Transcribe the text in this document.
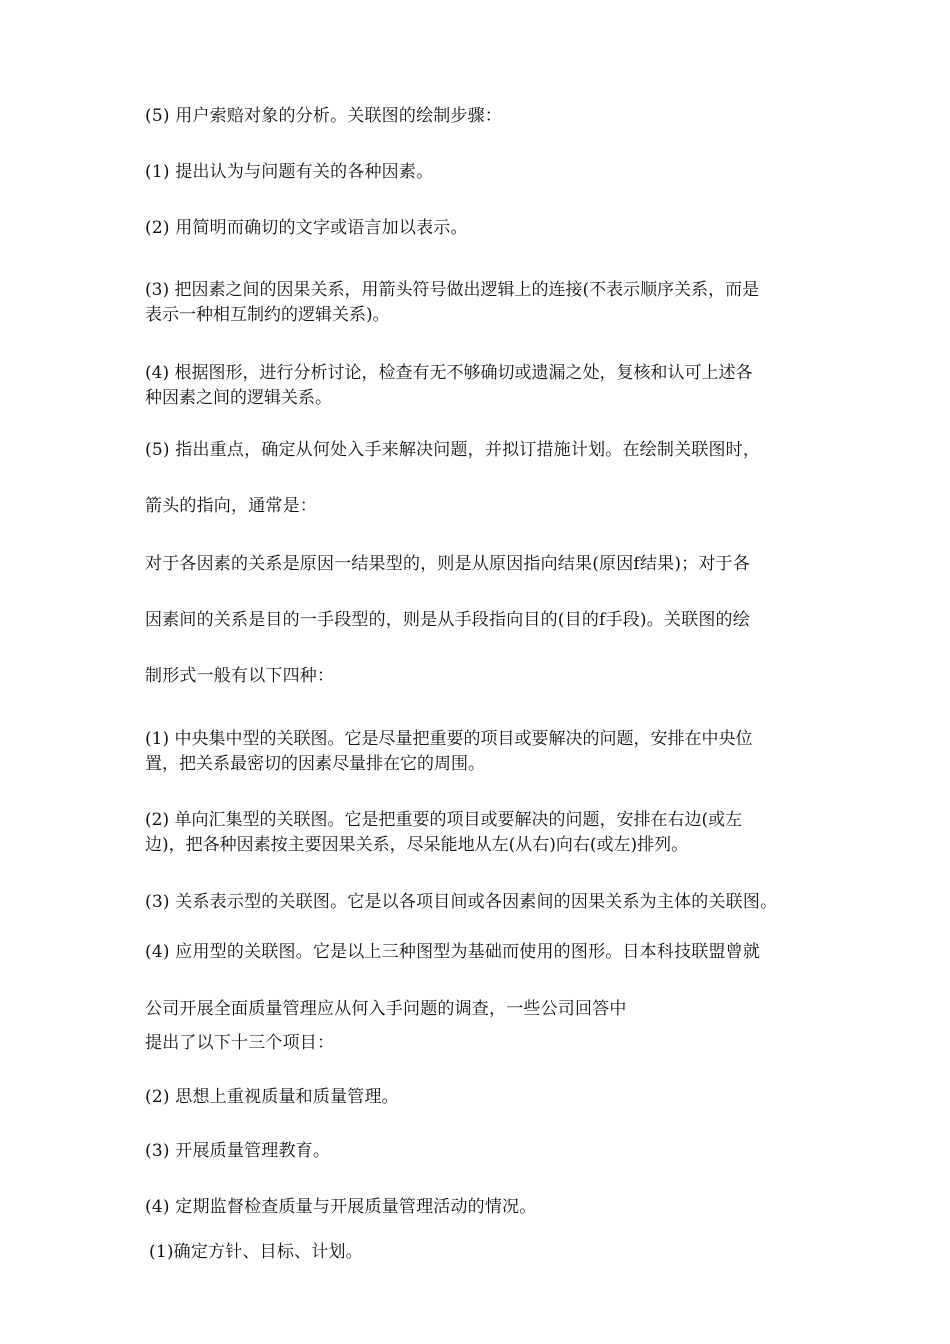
(5) 用户索赔对象的分析。关联图的绘制步骤：
(1) 提出认为与问题有关的各种因素。
(2) 用简明而确切的文字或语言加以表示。
(3) 把因素之间的因果关系，用箭头符号做出逻辑上的连接(不表示顺序关系，而是
表示一种相互制约的逻辑关系)。
(4) 根据图形，进行分析讨论，检查有无不够确切或遗漏之处，复核和认可上述各
种因素之间的逻辑关系。
(5) 指出重点，确定从何处入手来解决问题，并拟订措施计划。在绘制关联图时，
箭头的指向，通常是：
对于各因素的关系是原因一结果型的，则是从原因指向结果(原因f结果)；对于各
因素间的关系是目的一手段型的，则是从手段指向目的(目的f手段)。关联图的绘
制形式一般有以下四种：
(1) 中央集中型的关联图。它是尽量把重要的项目或要解决的问题，安排在中央位
置，把关系最密切的因素尽量排在它的周围。
(2) 单向汇集型的关联图。它是把重要的项目或要解决的问题，安排在右边(或左
边)，把各种因素按主要因果关系，尽呆能地从左(从右)向右(或左)排列。
(3) 关系表示型的关联图。它是以各项目间或各因素间的因果关系为主体的关联图。
(4) 应用型的关联图。它是以上三种图型为基础而使用的图形。日本科技联盟曾就
公司开展全面质量管理应从何入手问题的调查，一些公司回答中
提出了以下十三个项目：
(2) 思想上重视质量和质量管理。
(3) 开展质量管理教育。
(4) 定期监督检查质量与开展质量管理活动的情况。
(1)确定方针、目标、计划。
